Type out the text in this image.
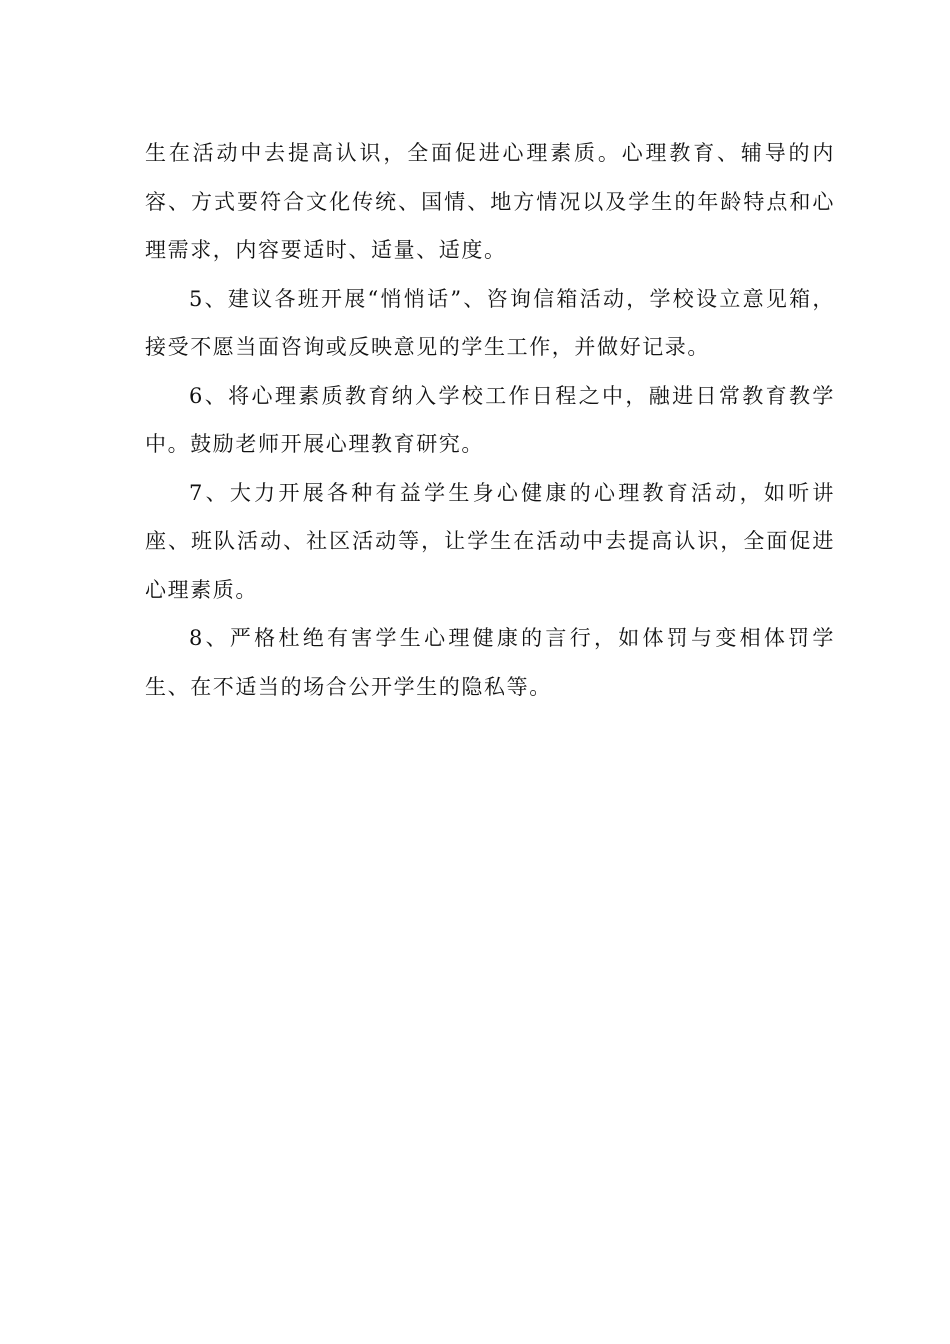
生在活动中去提高认识，全面促进心理素质。心理教育、辅导的内容、方式要符合文化传统、国情、地方情况以及学生的年龄特点和心理需求，内容要适时、适量、适度。

5、建议各班开展“悄悄话”、咨询信箱活动，学校设立意见箱，接受不愿当面咨询或反映意见的学生工作，并做好记录。

6、将心理素质教育纳入学校工作日程之中，融进日常教育教学中。鼓励老师开展心理教育研究。

7、大力开展各种有益学生身心健康的心理教育活动，如听讲座、班队活动、社区活动等，让学生在活动中去提高认识，全面促进心理素质。

8、严格杜绝有害学生心理健康的言行，如体罚与变相体罚学生、在不适当的场合公开学生的隐私等。
